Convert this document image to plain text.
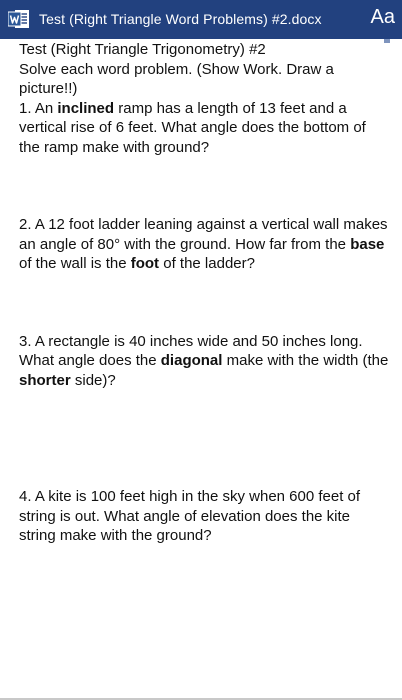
Test (Right Triangle Word Problems) #2.docx Aa

Test (Right Triangle Trigonometry) #2

Solve each word problem. (Show Work. Draw a picture!!)

1. An inclined ramp has a length of 13 feet and a vertical rise of 6 feet. What angle does the bottom of the ramp make with ground?

2. A 12 foot ladder leaning against a vertical wall makes an angle of 80° with the ground. How far from the base of the wall is the foot of the ladder?

3. A rectangle is 40 inches wide and 50 inches long. What angle does the diagonal make with the width (the shorter side)?

4. A kite is 100 feet high in the sky when 600 feet of string is out. What angle of elevation does the kite string make with the ground?
